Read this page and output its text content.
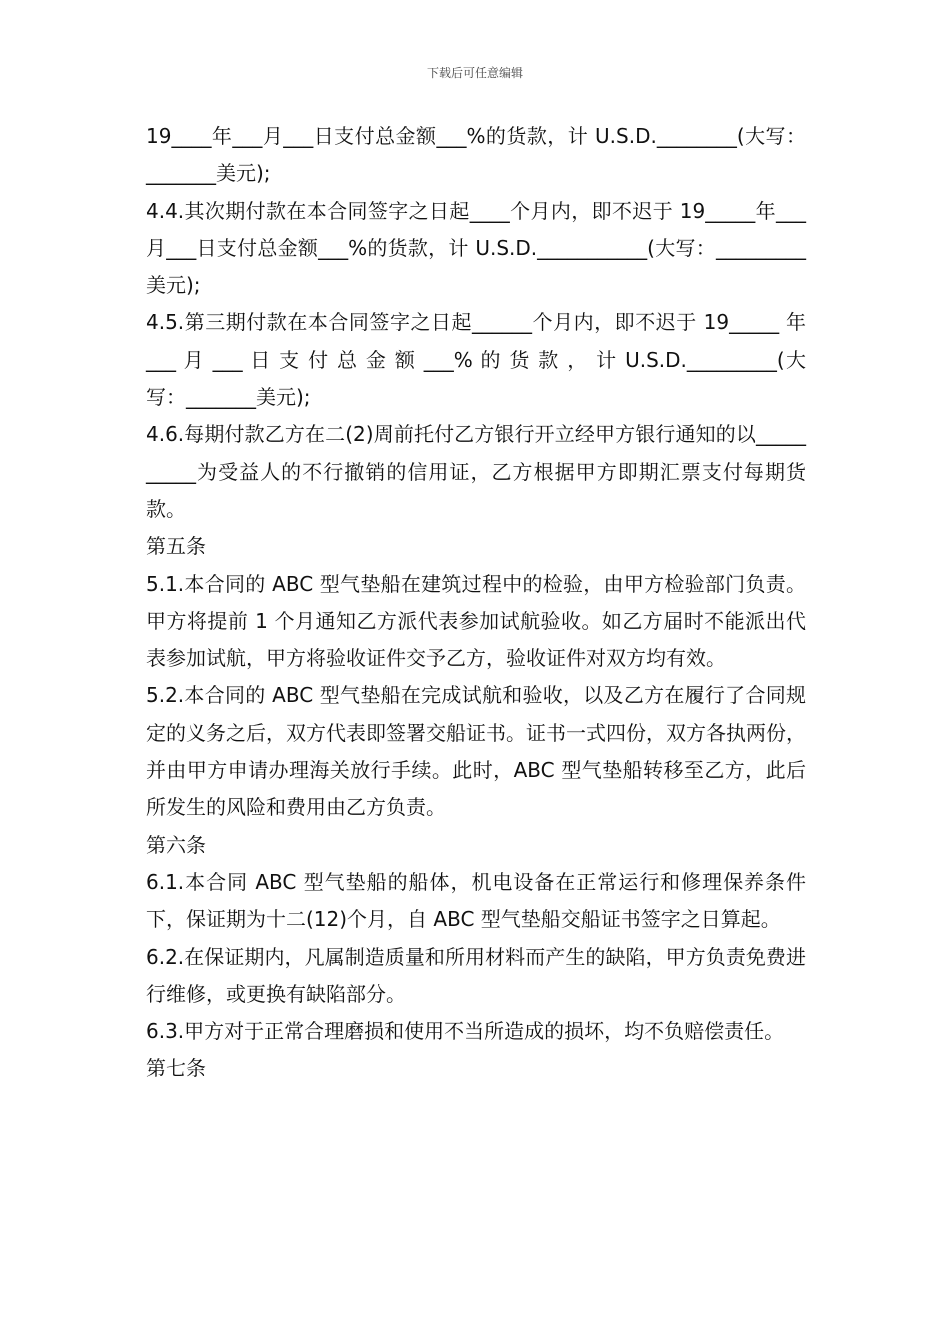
下载后可任意编辑

19____年___月___日支付总金额___%的货款，计 U.S.D.________(大写：_______美元);

4.4.其次期付款在本合同签字之日起____个月内，即不迟于 19_____年___月___日支付总金额___%的货款，计 U.S.D.___________(大写：_________美元);

4.5.第三期付款在本合同签字之日起______个月内，即不迟于 19_____ 年 ___ 月 ___ 日 支 付 总 金 额 ___% 的 货 款 ， 计 U.S.D._________(大写：_______美元);

4.6.每期付款乙方在二(2)周前托付乙方银行开立经甲方银行通知的以__________为受益人的不行撤销的信用证，乙方根据甲方即期汇票支付每期货款。

第五条

5.1.本合同的 ABC 型气垫船在建筑过程中的检验，由甲方检验部门负责。甲方将提前 1 个月通知乙方派代表参加试航验收。如乙方届时不能派出代表参加试航，甲方将验收证件交予乙方，验收证件对双方均有效。

5.2.本合同的 ABC 型气垫船在完成试航和验收，以及乙方在履行了合同规定的义务之后，双方代表即签署交船证书。证书一式四份，双方各执两份，并由甲方申请办理海关放行手续。此时，ABC 型气垫船转移至乙方，此后所发生的风险和费用由乙方负责。

第六条

6.1.本合同 ABC 型气垫船的船体，机电设备在正常运行和修理保养条件下，保证期为十二(12)个月，自 ABC 型气垫船交船证书签字之日算起。

6.2.在保证期内，凡属制造质量和所用材料而产生的缺陷，甲方负责免费进行维修，或更换有缺陷部分。

6.3.甲方对于正常合理磨损和使用不当所造成的损坏，均不负赔偿责任。

第七条
